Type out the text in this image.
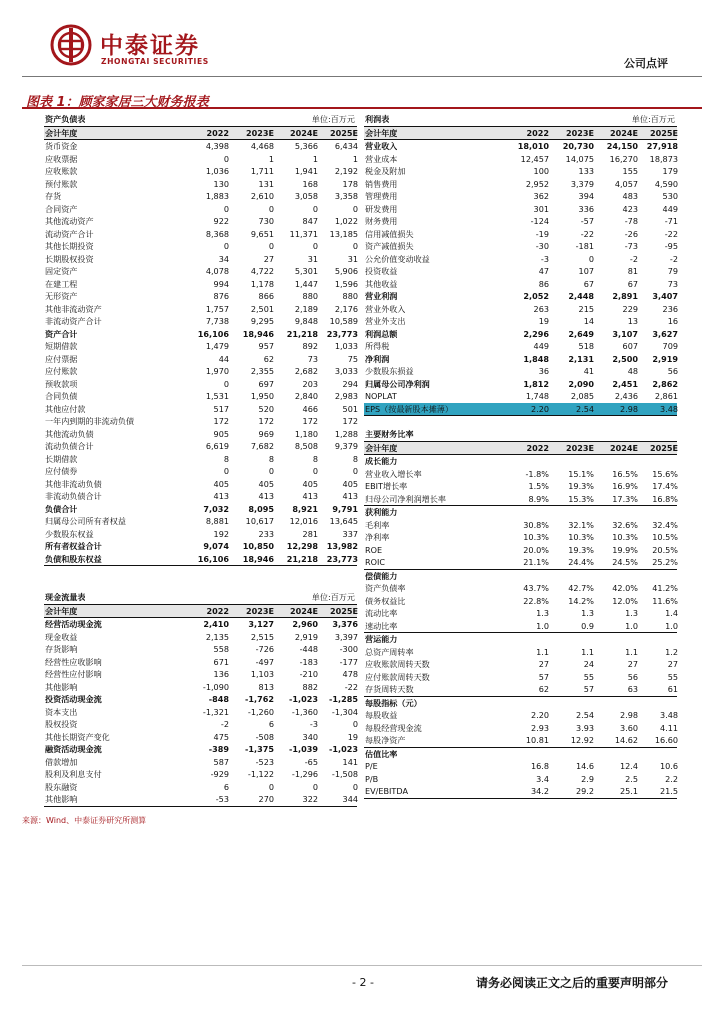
中泰证券
ZHONGTAI SECURITIES	公司点评
图表 1：顾家家居三大财务报表
资产负债表	单位:百万元
会计年度	2022	2023E	2024E	2025E
货币资金	4,398	4,468	5,366	6,434
应收票据	0	1	1	1
应收账款	1,036	1,711	1,941	2,192
预付账款	130	131	168	178
存货	1,883	2,610	3,058	3,358
合同资产	0	0	0	0
其他流动资产	922	730	847	1,022
流动资产合计	8,368	9,651	11,371	13,185
其他长期投资	0	0	0	0
长期股权投资	34	27	31	31
固定资产	4,078	4,722	5,301	5,906
在建工程	994	1,178	1,447	1,596
无形资产	876	866	880	880
其他非流动资产	1,757	2,501	2,189	2,176
非流动资产合计	7,738	9,295	9,848	10,589
资产合计	16,106	18,946	21,218	23,773
短期借款	1,479	957	892	1,033
应付票据	44	62	73	75
应付账款	1,970	2,355	2,682	3,033
预收款项	0	697	203	294
合同负债	1,531	1,950	2,840	2,983
其他应付款	517	520	466	501
一年内到期的非流动负债	172	172	172	172
其他流动负债	905	969	1,180	1,288
流动负债合计	6,619	7,682	8,508	9,379
长期借款	8	8	8	8
应付债券	0	0	0	0
其他非流动负债	405	405	405	405
非流动负债合计	413	413	413	413
负债合计	7,032	8,095	8,921	9,791
归属母公司所有者权益	8,881	10,617	12,016	13,645
少数股东权益	192	233	281	337
所有者权益合计	9,074	10,850	12,298	13,982
负债和股东权益	16,106	18,946	21,218	23,773
现金流量表	单位:百万元
会计年度	2022	2023E	2024E	2025E
经营活动现金流	2,410	3,127	2,960	3,376
现金收益	2,135	2,515	2,919	3,397
存货影响	558	-726	-448	-300
经营性应收影响	671	-497	-183	-177
经营性应付影响	136	1,103	-210	478
其他影响	-1,090	813	882	-22
投资活动现金流	-848	-1,762	-1,023	-1,285
资本支出	-1,321	-1,260	-1,360	-1,304
股权投资	-2	6	-3	0
其他长期资产变化	475	-508	340	19
融资活动现金流	-389	-1,375	-1,039	-1,023
借款增加	587	-523	-65	141
股利及利息支付	-929	-1,122	-1,296	-1,508
股东融资	6	0	0	0
其他影响	-53	270	322	344
利润表	单位:百万元
会计年度	2022	2023E	2024E	2025E
营业收入	18,010	20,730	24,150	27,918
营业成本	12,457	14,075	16,270	18,873
税金及附加	100	133	155	179
销售费用	2,952	3,379	4,057	4,590
管理费用	362	394	483	530
研发费用	301	336	423	449
财务费用	-124	-57	-78	-71
信用减值损失	-19	-22	-26	-22
资产减值损失	-30	-181	-73	-95
公允价值变动收益	-3	0	-2	-2
投资收益	47	107	81	79
其他收益	86	67	67	73
营业利润	2,052	2,448	2,891	3,407
营业外收入	263	215	229	236
营业外支出	19	14	13	16
利润总额	2,296	2,649	3,107	3,627
所得税	449	518	607	709
净利润	1,848	2,131	2,500	2,919
少数股东损益	36	41	48	56
归属母公司净利润	1,812	2,090	2,451	2,862
NOPLAT	1,748	2,085	2,436	2,861
EPS（按最新股本摊薄）	2.20	2.54	2.98	3.48
主要财务比率
会计年度	2022	2023E	2024E	2025E
成长能力
营业收入增长率	-1.8%	15.1%	16.5%	15.6%
EBIT增长率	1.5%	19.3%	16.9%	17.4%
归母公司净利润增长率	8.9%	15.3%	17.3%	16.8%
获利能力
毛利率	30.8%	32.1%	32.6%	32.4%
净利率	10.3%	10.3%	10.3%	10.5%
ROE	20.0%	19.3%	19.9%	20.5%
ROIC	21.1%	24.4%	24.5%	25.2%
偿债能力
资产负债率	43.7%	42.7%	42.0%	41.2%
债务权益比	22.8%	14.2%	12.0%	11.6%
流动比率	1.3	1.3	1.3	1.4
速动比率	1.0	0.9	1.0	1.0
营运能力
总资产周转率	1.1	1.1	1.1	1.2
应收账款周转天数	27	24	27	27
应付账款周转天数	57	55	56	55
存货周转天数	62	57	63	61
每股指标（元）
每股收益	2.20	2.54	2.98	3.48
每股经营现金流	2.93	3.93	3.60	4.11
每股净资产	10.81	12.92	14.62	16.60
估值比率
P/E	16.8	14.6	12.4	10.6
P/B	3.4	2.9	2.5	2.2
EV/EBITDA	34.2	29.2	25.1	21.5
来源：Wind、中泰证券研究所测算
- 2 -	请务必阅读正文之后的重要声明部分
